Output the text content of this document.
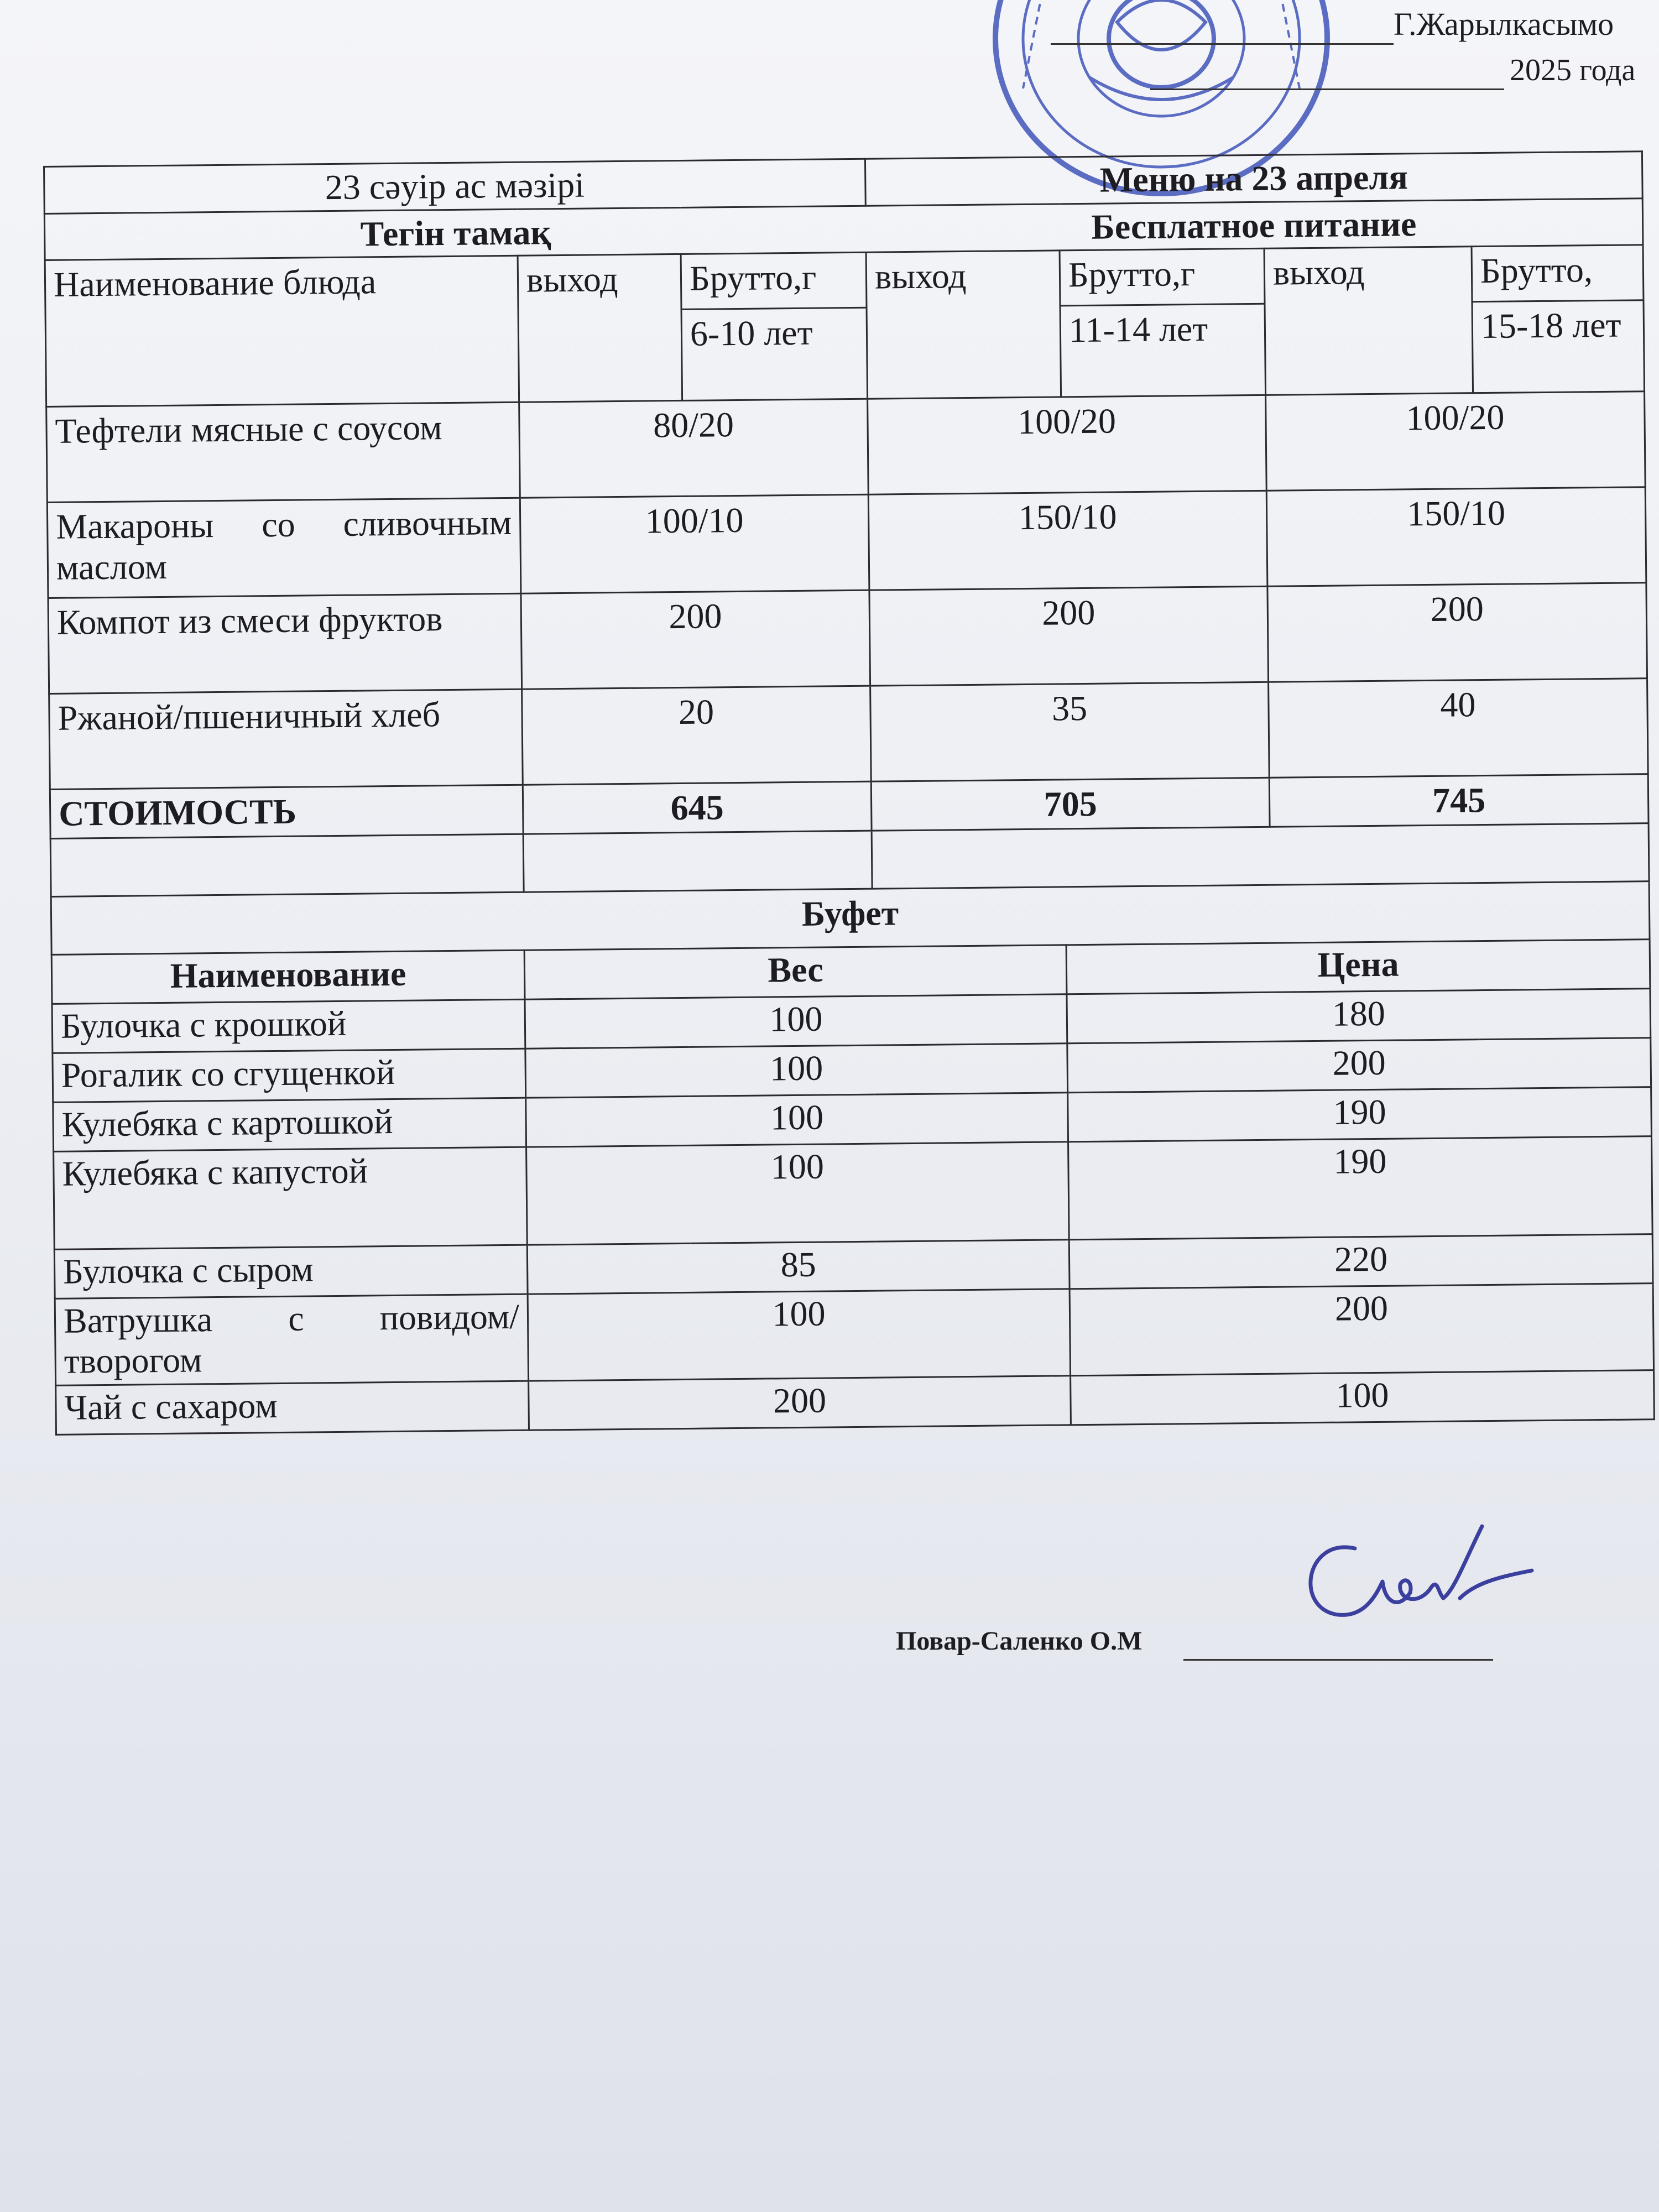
Г.Жарылкасымо
2025 года
23 сәуір ас мәзірі			Меню на 23 апреля			
Тегін тамақ			Бесплатное питание			
Наименование блюда	выход	Брутто,г	выход	Брутто,г	выход	Брутто,
		6-10 лет		11-14 лет		15-18 лет
Тефтели мясные с соусом	80/20		100/20		100/20	
Макароны со сливочным маслом	100/10		150/10		150/10	
Компот из смеси фруктов	200		200		200	
Ржаной/пшеничный хлеб	20		35		40	
СТОИМОСТЬ	645		705		745	

Буфет						
Наименование	Вес			Цена		
Булочка с крошкой	100			180		
Рогалик со сгущенкой	100			200		
Кулебяка с картошкой	100			190		
Кулебяка с капустой	100			190		
Булочка с сыром	85			220		
Ватрушка с повидом/творогом	100			200		
Чай с сахаром	200			100		
Повар-Саленко О.М
